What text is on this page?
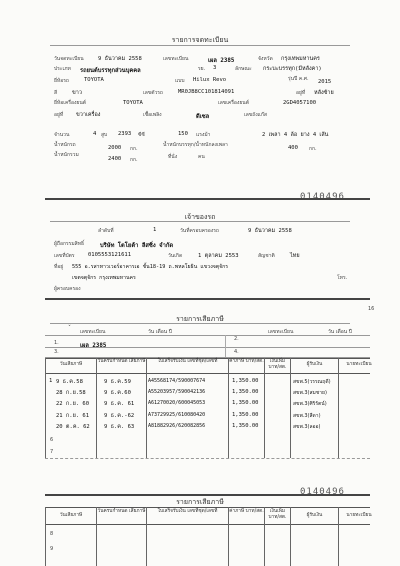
รายการจดทะเบียน
วันจดทะเบียน	9 ธันวาคม 2558	เลขทะเบียน	เผล 2385	จังหวัด กรุงเทพมหานคร
ประเภท รถยนต์บรรทุกส่วนบุคคล	รย. 3	ลักษณะ กระบะบรรทุก(มีหลังคา)
ยี่ห้อรถ	TOYOTA	แบบ Hilux Revo	รุ่นปี ค.ศ. 2015
สี	ขาว	เลขตัวรถ	MR0JB8CC101814091	อยู่ที่ หลังซ้าย
ยี่ห้อเครื่องยนต์	TOYOTA	เลขเครื่องยนต์	2GD4057100
อยู่ที่ ขวาเครื่อง	เชื้อเพลิง	ดีเซล	เลขถังแก๊ส
จำนวน	4 สูบ 2393 ซีซี	150 แรงม้า	2 เพลา 4 ล้อ ยาง 4 เส้น
น้ำหนักรถ	2000 กก.
น้ำหนักบรรทุก/น้ำหนักลงเพลา	400 กก.
น้ำหนักรวม
2400 กก.	ที่นั่ง	คน
0140496
เจ้าของรถ
ลำดับที่	1	วันที่ครอบครองรถ	9 ธันวาคม 2558
ผู้ถือกรรมสิทธิ์	บริษัท โตโยต้า ลีสซิ่ง จำกัด
เลขที่บัตร 0105553121611	วันเกิด	1 ตุลาคม 2553	สัญชาติ	ไทย
ที่อยู่ 555 อ.รสาทาวเวอร์อาคารเอ ชั้น18-19 ถ.พหลโยธิน แขวงจตุจักร
เขตจตุจักร กรุงเทพมหานคร	โทร.
ผู้ครอบครอง
16
รายการเสียภาษี
ˇ เลขทะเบียน	วัน เดือน ปี	เลขทะเบียน	วัน เดือน ปี
1.	เผล 2385
2.
3.	4.
วันเสียภาษี
วันครบกำหนด เสียภาษี	ใบเสร็จรับเงิน เลขที่ชุด/เลขที่	ค่าภาษี บาท/สต.	เงินเพิ่ม บาท/สต.
ผู้รับเงิน	นายทะเบียน
1 9 ธ.ค.58	9 ธ.ค.59	A45568174/590007674	1,350.00	สขพ.5(วรรณฤดี)
28 ก.ย.58	9 ธ.ค.60	A55203957/590042136	1,350.00	สขพ.3(สมชาย)
22 ก.ย. 60	9 ธ.ค. 61	A61270020/600045053	1,350.00	สขพ.3(ศิริรัตน์)
21 ก.ย. 61	9 ธ.ค.-62	A73729925/610080420	1,350.00	สขพ.3(สีดา)
20 ต.ค. 62	9 ธ.ค. 63	A81882926/620082856	1,350.00	สขพ.3(ลออ)
6
7
0140496
รายการเสียภาษี
วันเสียภาษี
วันครบกำหนด เสียภาษี	ใบเสร็จรับเงิน เลขที่ชุด/เลขที่	ค่าภาษี บาท/สต.	เงินเพิ่ม บาท/สต.	ผู้รับเงิน	นายทะเบียน
8
9
